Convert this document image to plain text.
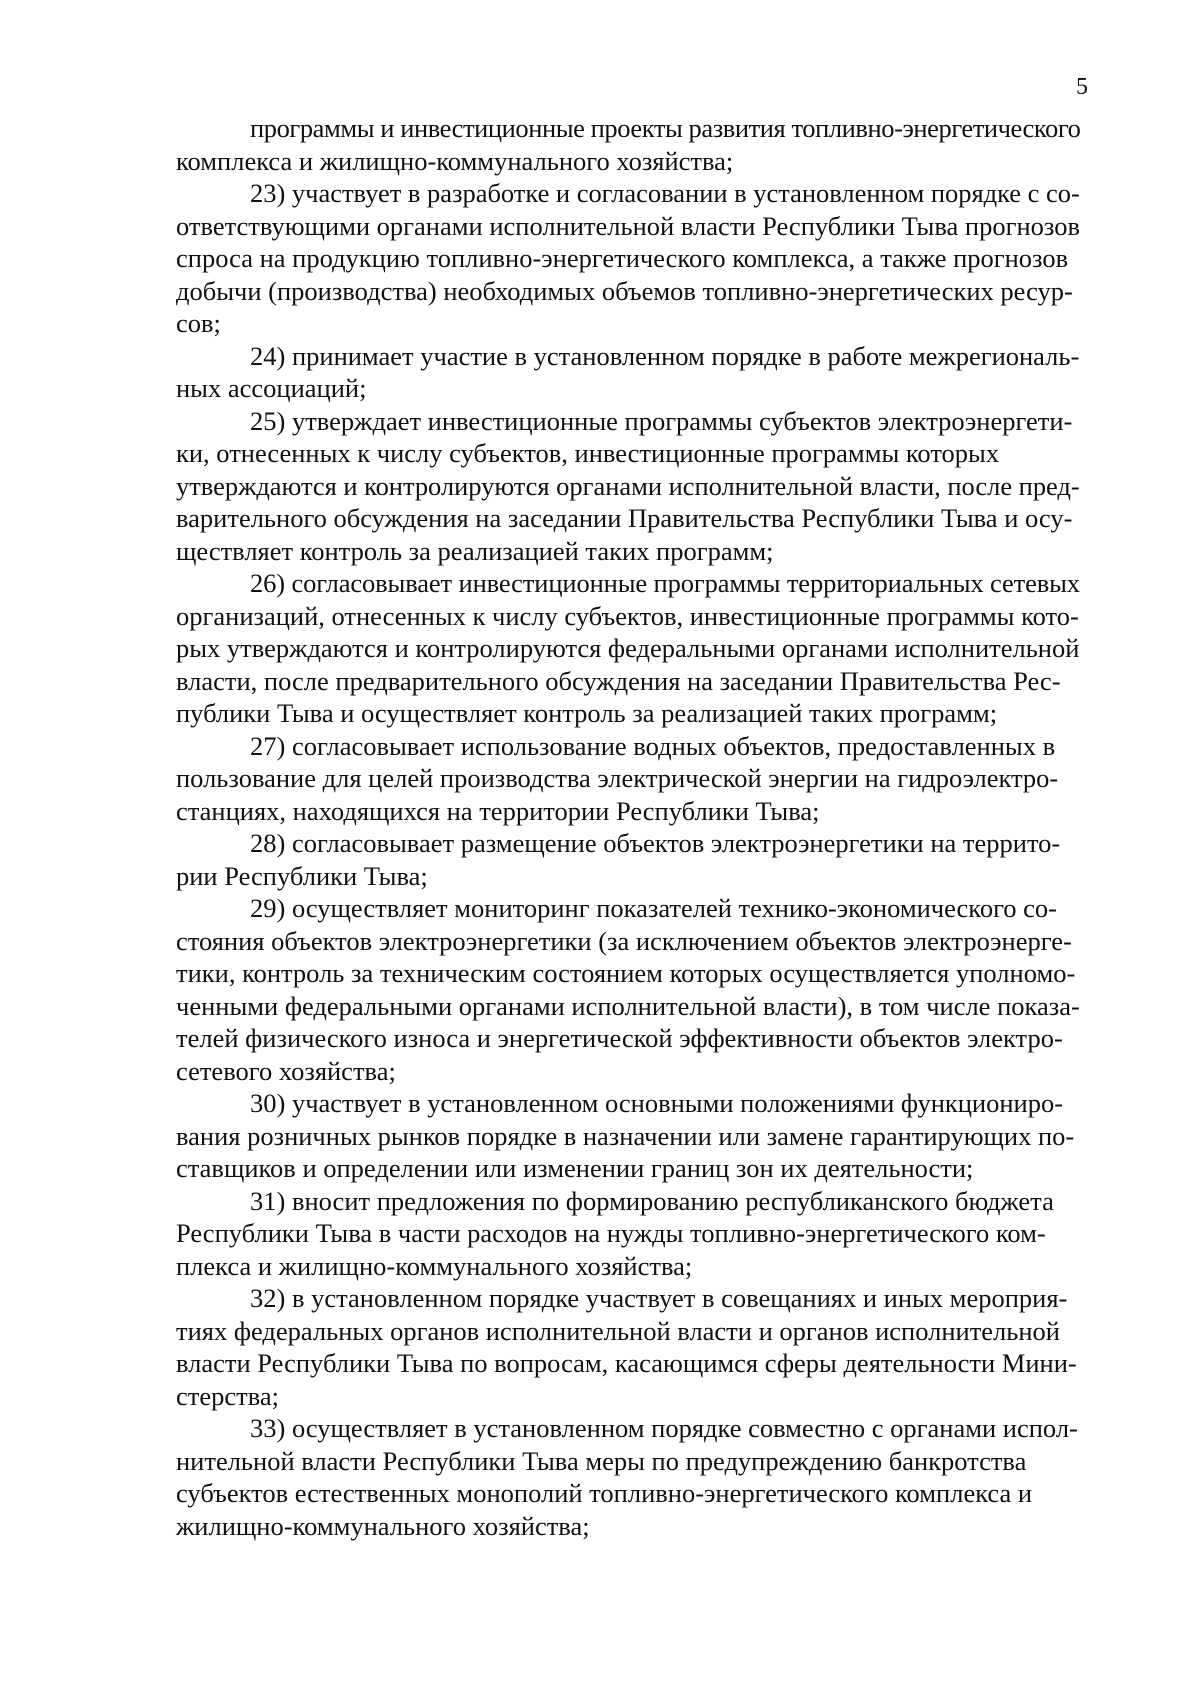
5

программы и инвестиционные проекты развития топливно-энергетического
комплекса и жилищно-коммунального хозяйства;

23) участвует в разработке и согласовании в установленном порядке с со-
ответствующими органами исполнительной власти Республики Тыва прогнозов
спроса на продукцию топливно-энергетического комплекса, а также прогнозов
добычи (производства) необходимых объемов топливно-энергетических ресур-
сов;

24) принимает участие в установленном порядке в работе межрегиональ-
ных ассоциаций;

25) утверждает инвестиционные программы субъектов электроэнергети-
ки, отнесенных к числу субъектов, инвестиционные программы которых
утверждаются и контролируются органами исполнительной власти, после пред-
варительного обсуждения на заседании Правительства Республики Тыва и осу-
ществляет контроль за реализацией таких программ;

26) согласовывает инвестиционные программы территориальных сетевых
организаций, отнесенных к числу субъектов, инвестиционные программы кото-
рых утверждаются и контролируются федеральными органами исполнительной
власти, после предварительного обсуждения на заседании Правительства Рес-
публики Тыва и осуществляет контроль за реализацией таких программ;

27) согласовывает использование водных объектов, предоставленных в
пользование для целей производства электрической энергии на гидроэлектро-
станциях, находящихся на территории Республики Тыва;

28) согласовывает размещение объектов электроэнергетики на террито-
рии Республики Тыва;

29) осуществляет мониторинг показателей технико-экономического со-
стояния объектов электроэнергетики (за исключением объектов электроэнерге-
тики, контроль за техническим состоянием которых осуществляется уполномо-
ченными федеральными органами исполнительной власти), в том числе показа-
телей физического износа и энергетической эффективности объектов электро-
сетевого хозяйства;

30) участвует в установленном основными положениями функциониро-
вания розничных рынков порядке в назначении или замене гарантирующих по-
ставщиков и определении или изменении границ зон их деятельности;

31) вносит предложения по формированию республиканского бюджета
Республики Тыва в части расходов на нужды топливно-энергетического ком-
плекса и жилищно-коммунального хозяйства;

32) в установленном порядке участвует в совещаниях и иных мероприя-
тиях федеральных органов исполнительной власти и органов исполнительной
власти Республики Тыва по вопросам, касающимся сферы деятельности Мини-
стерства;

33) осуществляет в установленном порядке совместно с органами испол-
нительной власти Республики Тыва меры по предупреждению банкротства
субъектов естественных монополий топливно-энергетического комплекса и
жилищно-коммунального хозяйства;
